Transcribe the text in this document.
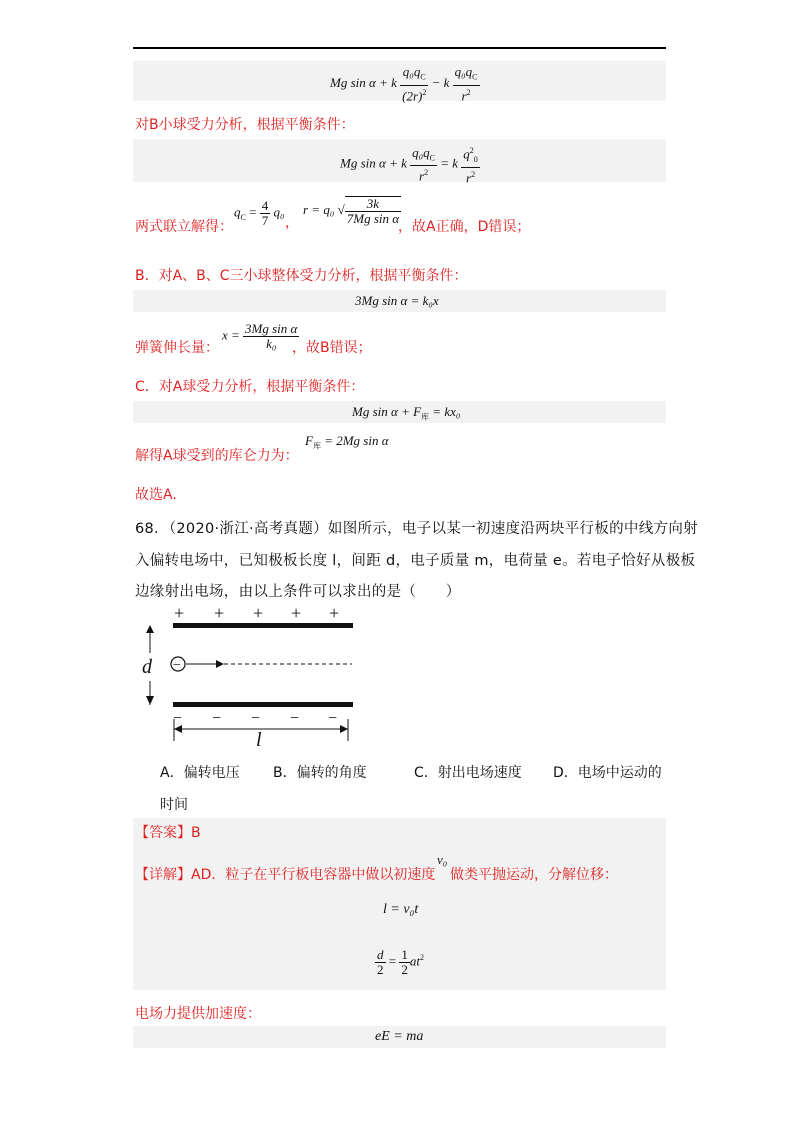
Mg sin α + k $\frac{q_0q_C}{(2r)^2} - k \frac{q_0q_C}{r^2}$
对B小球受力分析，根据平衡条件：
Mg sin α + k $\frac{q_0q_C}{r^2} = k \frac{q^2_0}{r^2}$
两式联立解得：
$q_C = \frac{4}{7} q_0$
，
r = q₀ √ $\frac{3k}{\text{7Mg sin α}}$
，故A正确，D错误；
B．对A、B、C三小球整体受力分析，根据平衡条件：
3Mg sin α = k₀x
弹簧伸长量：
$x = \frac{\text{3Mg sin α}}{\text{k₀}}$
，故B错误；
C．对A球受力分析，根据平衡条件：
Mg $\sin \alpha + F_库 = kx_0$
解得A球受到的库仑力为：
$F_库 = 2Mg$ sin α
故选A.
68．（2020·浙江·高考真题）如图所示，电子以某一初速度沿两块平行板的中线方向射
入偏转电场中，已知极板长度 l，间距 d，电子质量 m，电荷量 e。若电子恰好从极板
边缘射出电场，由以上条件可以求出的是（　　）
+ + + + +
d −
− − − − −
l
A．偏转电压 B．偏转的角度	C．射出电场速度 D．电场中运动的
时间
【答案】B
【详解】AD．粒子在平行板电容器中做以初速度
v₀
做类平抛运动，分解位移：
l = v₀t
$\frac{d}{2} = \frac{1}{2} at^2$
电场力提供加速度：
eE = ma
